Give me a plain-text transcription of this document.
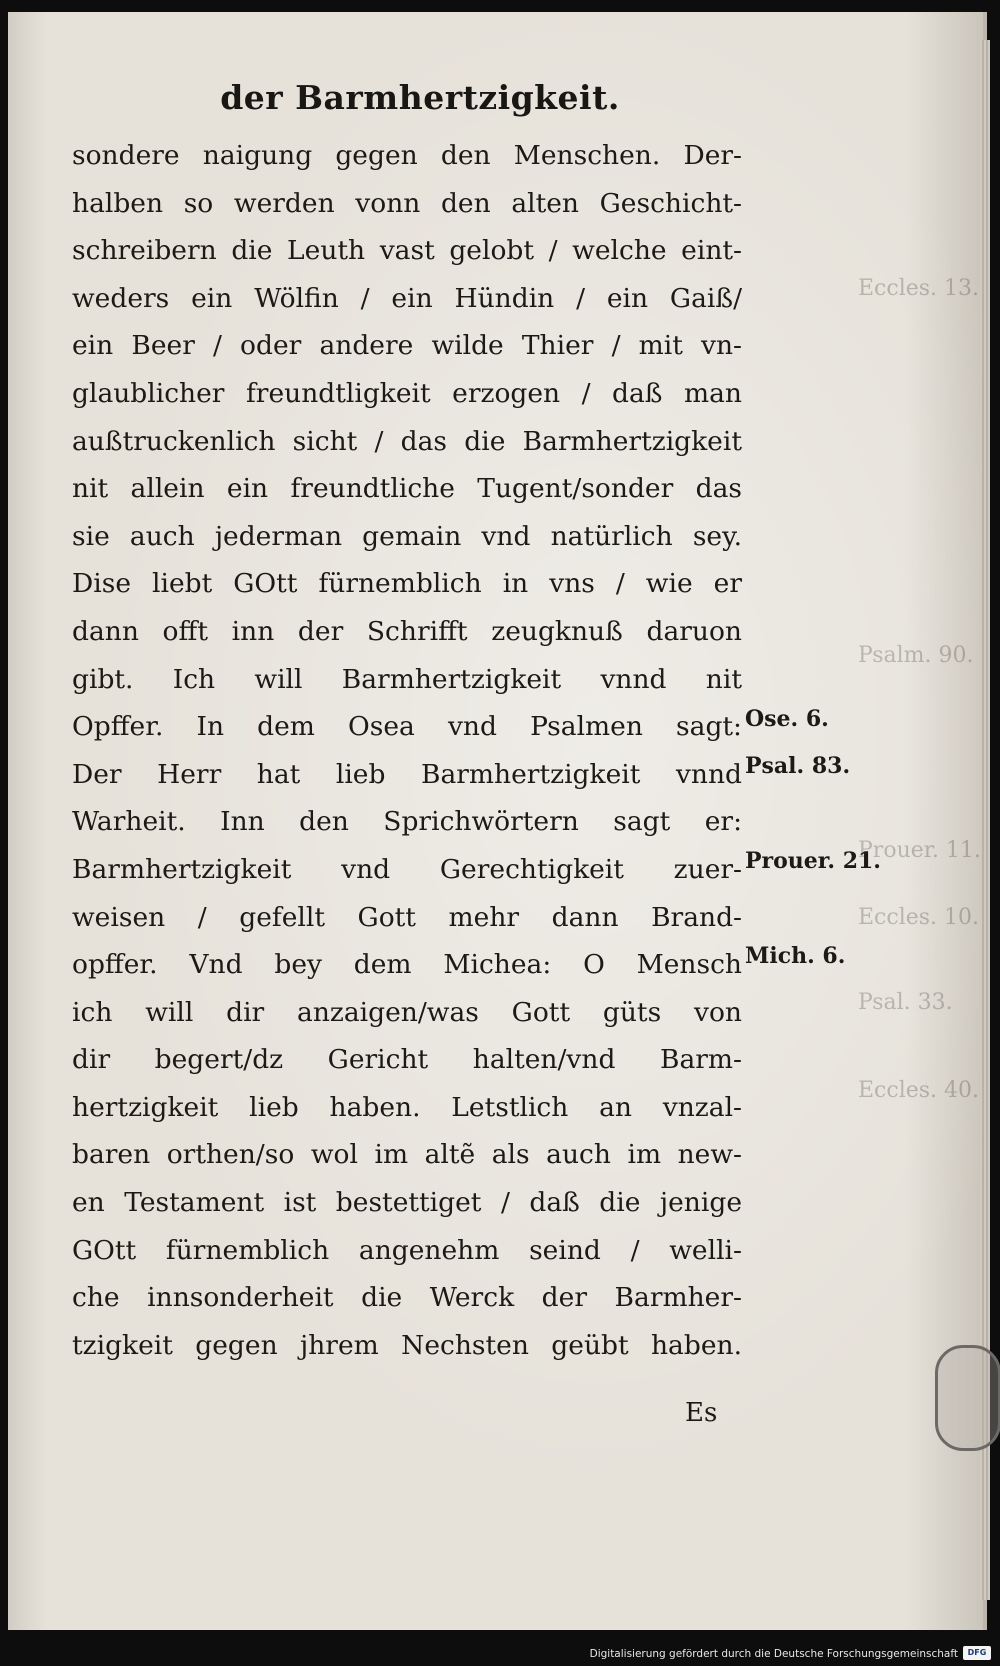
Eccles. 13.
Psalm. 90.
Prouer. 11.
Eccles. 10.
Psal. 33.
Eccles. 40.
der Barmhertzigkeit.
sondere naigung gegen den Menschen. Der-
halben so werden vonn den alten Geschicht-
schreibern die Leuth vast gelobt / welche eint-
weders ein Wölfin / ein Hündin / ein Gaiß/
ein Beer / oder andere wilde Thier / mit vn-
glaublicher freundtligkeit erzogen / daß man
außtruckenlich sicht / das die Barmhertzigkeit
nit allein ein freundtliche Tugent/sonder das
sie auch jederman gemain vnd natürlich sey.
Dise liebt GOtt fürnemblich in vns / wie er
dann offt inn der Schrifft zeugknuß daruon
gibt. Ich will Barmhertzigkeit vnnd nit
Opffer. In dem Osea vnd Psalmen sagt:
Der Herr hat lieb Barmhertzigkeit vnnd
Warheit. Inn den Sprichwörtern sagt er:
Barmhertzigkeit vnd Gerechtigkeit zuer-
weisen / gefellt Gott mehr dann Brand-
opffer. Vnd bey dem Michea: O Mensch
ich will dir anzaigen/was Gott güts von
dir begert/dz Gericht halten/vnd Barm-
hertzigkeit lieb haben. Letstlich an vnzal-
baren orthen/so wol im altẽ als auch im new-
en Testament ist bestettiget / daß die jenige
GOtt fürnemblich angenehm seind / welli-
che innsonderheit die Werck der Barmher-
tzigkeit gegen jhrem Nechsten geübt haben.
Es
Ose. 6.
Psal. 83.
Prouer. 21.
Mich. 6.
Digitalisierung gefördert durch die Deutsche Forschungsgemeinschaft	DFG
